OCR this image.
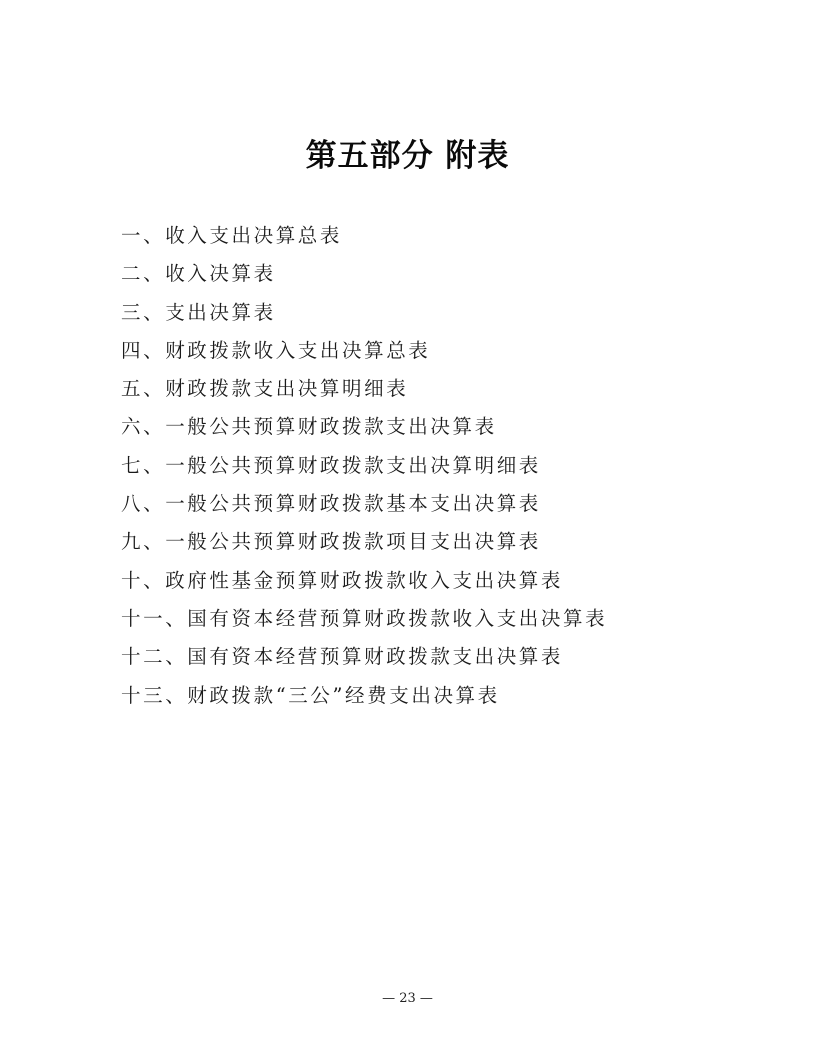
第五部分 附表
一、收入支出决算总表
二、收入决算表
三、支出决算表
四、财政拨款收入支出决算总表
五、财政拨款支出决算明细表
六、一般公共预算财政拨款支出决算表
七、一般公共预算财政拨款支出决算明细表
八、一般公共预算财政拨款基本支出决算表
九、一般公共预算财政拨款项目支出决算表
十、政府性基金预算财政拨款收入支出决算表
十一、国有资本经营预算财政拨款收入支出决算表
十二、国有资本经营预算财政拨款支出决算表
十三、财政拨款“三公”经费支出决算表
— 23 —
